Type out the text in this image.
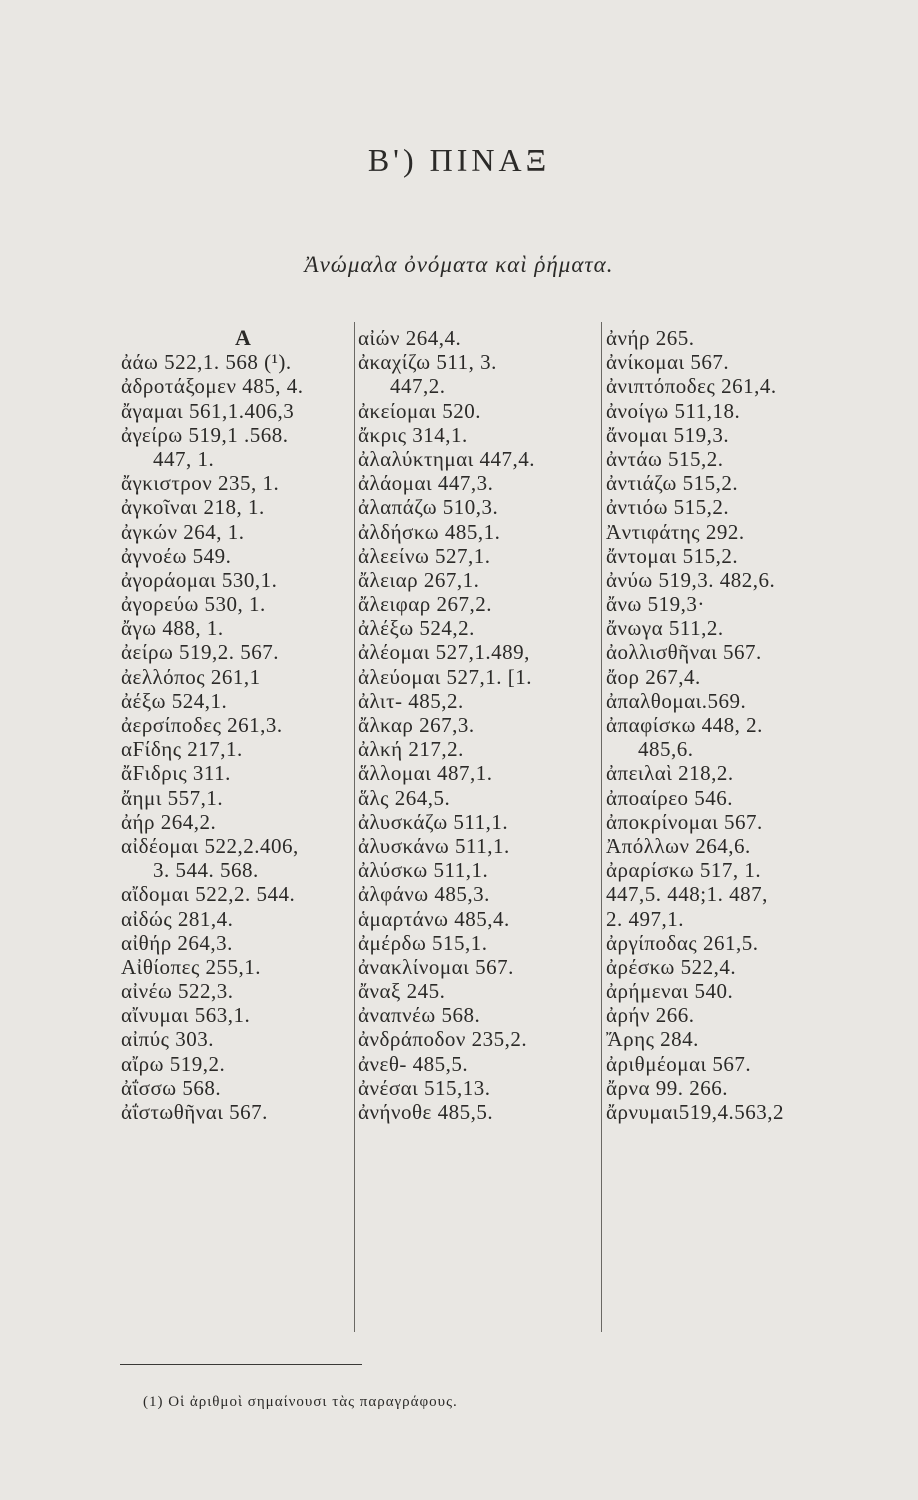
Β') ΠΙΝΑΞ
Ἀνώμαλα ὀνόματα καὶ ῥήματα.
Α
ἀάω 522,1. 568 (¹).
ἀδροτάξομεν 485, 4.
ἄγαμαι 561,1.406,3
ἀγείρω 519,1 .568.
447, 1.
ἄγκιστρον 235, 1.
ἀγκοῖναι 218, 1.
ἀγκών 264, 1.
ἀγνοέω 549.
ἀγοράομαι 530,1.
ἀγορεύω 530, 1.
ἄγω 488, 1.
ἀείρω 519,2. 567.
ἀελλόπος 261,1
ἀέξω 524,1.
ἀερσίποδες 261,3.
αϜίδης 217,1.
ἄϜιδρις 311.
ἄημι 557,1.
ἀήρ 264,2.
αἰδέομαι 522,2.406,
3. 544. 568.
αἴδομαι 522,2. 544.
αἰδώς 281,4.
αἰθήρ 264,3.
Αἰθίοπες 255,1.
αἰνέω 522,3.
αἴνυμαι 563,1.
αἰπύς 303.
αἴρω 519,2.
ἀΐσσω 568.
ἀΐστωθῆναι 567.
αἰών 264,4.
ἀκαχίζω 511, 3.
447,2.
ἀκείομαι 520.
ἄκρις 314,1.
ἀλαλύκτημαι 447,4.
ἀλάομαι 447,3.
ἀλαπάζω 510,3.
ἀλδήσκω 485,1.
ἀλεείνω 527,1.
ἄλειαρ 267,1.
ἄλειφαρ 267,2.
ἀλέξω 524,2.
ἀλέομαι 527,1.489,
ἀλεύομαι 527,1. [1.
ἀλιτ- 485,2.
ἄλκαρ 267,3.
ἀλκή 217,2.
ἅλλομαι 487,1.
ἅλς 264,5.
ἀλυσκάζω 511,1.
ἀλυσκάνω 511,1.
ἀλύσκω 511,1.
ἀλφάνω 485,3.
ἁμαρτάνω 485,4.
ἀμέρδω 515,1.
ἀνακλίνομαι 567.
ἄναξ 245.
ἀναπνέω 568.
ἀνδράποδον 235,2.
ἀνεθ- 485,5.
ἀνέσαι 515,13.
ἀνήνοθε 485,5.
ἀνήρ 265.
ἀνίκομαι 567.
ἀνιπτόποδες 261,4.
ἀνοίγω 511,18.
ἄνομαι 519,3.
ἀντάω 515,2.
ἀντιάζω 515,2.
ἀντιόω 515,2.
Ἀντιφάτης 292.
ἄντομαι 515,2.
ἀνύω 519,3. 482,6.
ἄνω 519,3·
ἄνωγα 511,2.
ἀολλισθῆναι 567.
ἄορ 267,4.
ἀπαλθομαι.569.
ἀπαφίσκω 448, 2.
485,6.
ἀπειλαὶ 218,2.
ἀποαίρεο 546.
ἀποκρίνομαι 567.
Ἀπόλλων 264,6.
ἀραρίσκω 517, 1.
447,5. 448;1. 487,
2. 497,1.
ἀργίποδας 261,5.
ἀρέσκω 522,4.
ἀρήμεναι 540.
ἀρήν 266.
Ἄρης 284.
ἀριθμέομαι 567.
ἄρνα 99. 266.
ἄρνυμαι519,4.563,2
(1) Οἱ ἀριθμοὶ σημαίνουσι τὰς παραγράφους.
